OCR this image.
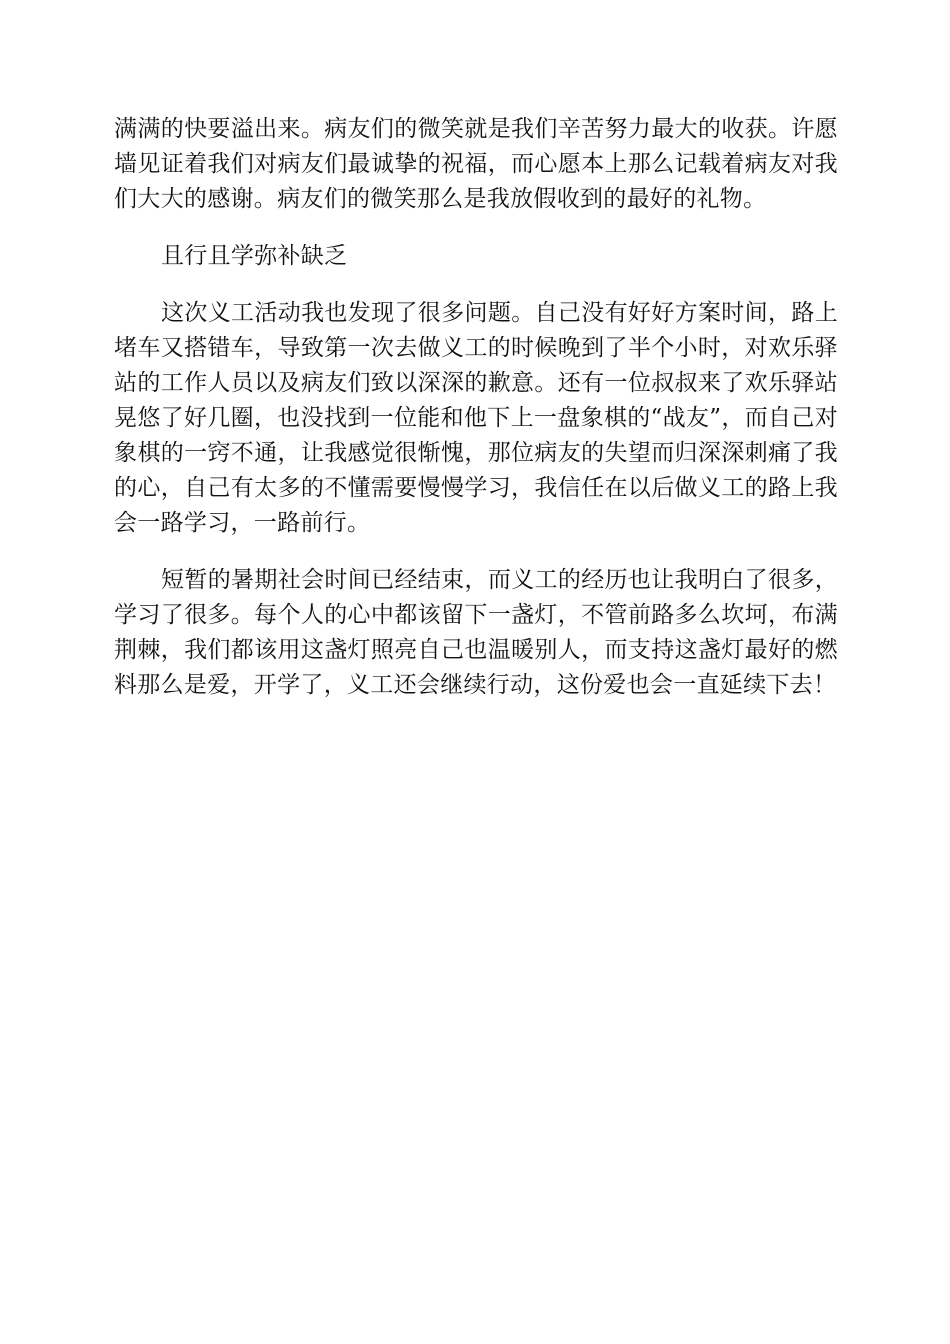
满满的快要溢出来。病友们的微笑就是我们辛苦努力最大的收获。许愿墙见证着我们对病友们最诚挚的祝福，而心愿本上那么记载着病友对我们大大的感谢。病友们的微笑那么是我放假收到的最好的礼物。

且行且学弥补缺乏

这次义工活动我也发现了很多问题。自己没有好好方案时间，路上堵车又搭错车，导致第一次去做义工的时候晚到了半个小时，对欢乐驿站的工作人员以及病友们致以深深的歉意。还有一位叔叔来了欢乐驿站晃悠了好几圈，也没找到一位能和他下上一盘象棋的“战友”，而自己对象棋的一窍不通，让我感觉很惭愧，那位病友的失望而归深深刺痛了我的心，自己有太多的不懂需要慢慢学习，我信任在以后做义工的路上我会一路学习，一路前行。

短暂的暑期社会时间已经结束，而义工的经历也让我明白了很多，学习了很多。每个人的心中都该留下一盏灯，不管前路多么坎坷，布满荆棘，我们都该用这盏灯照亮自己也温暖别人，而支持这盏灯最好的燃料那么是爱，开学了，义工还会继续行动，这份爱也会一直延续下去！
